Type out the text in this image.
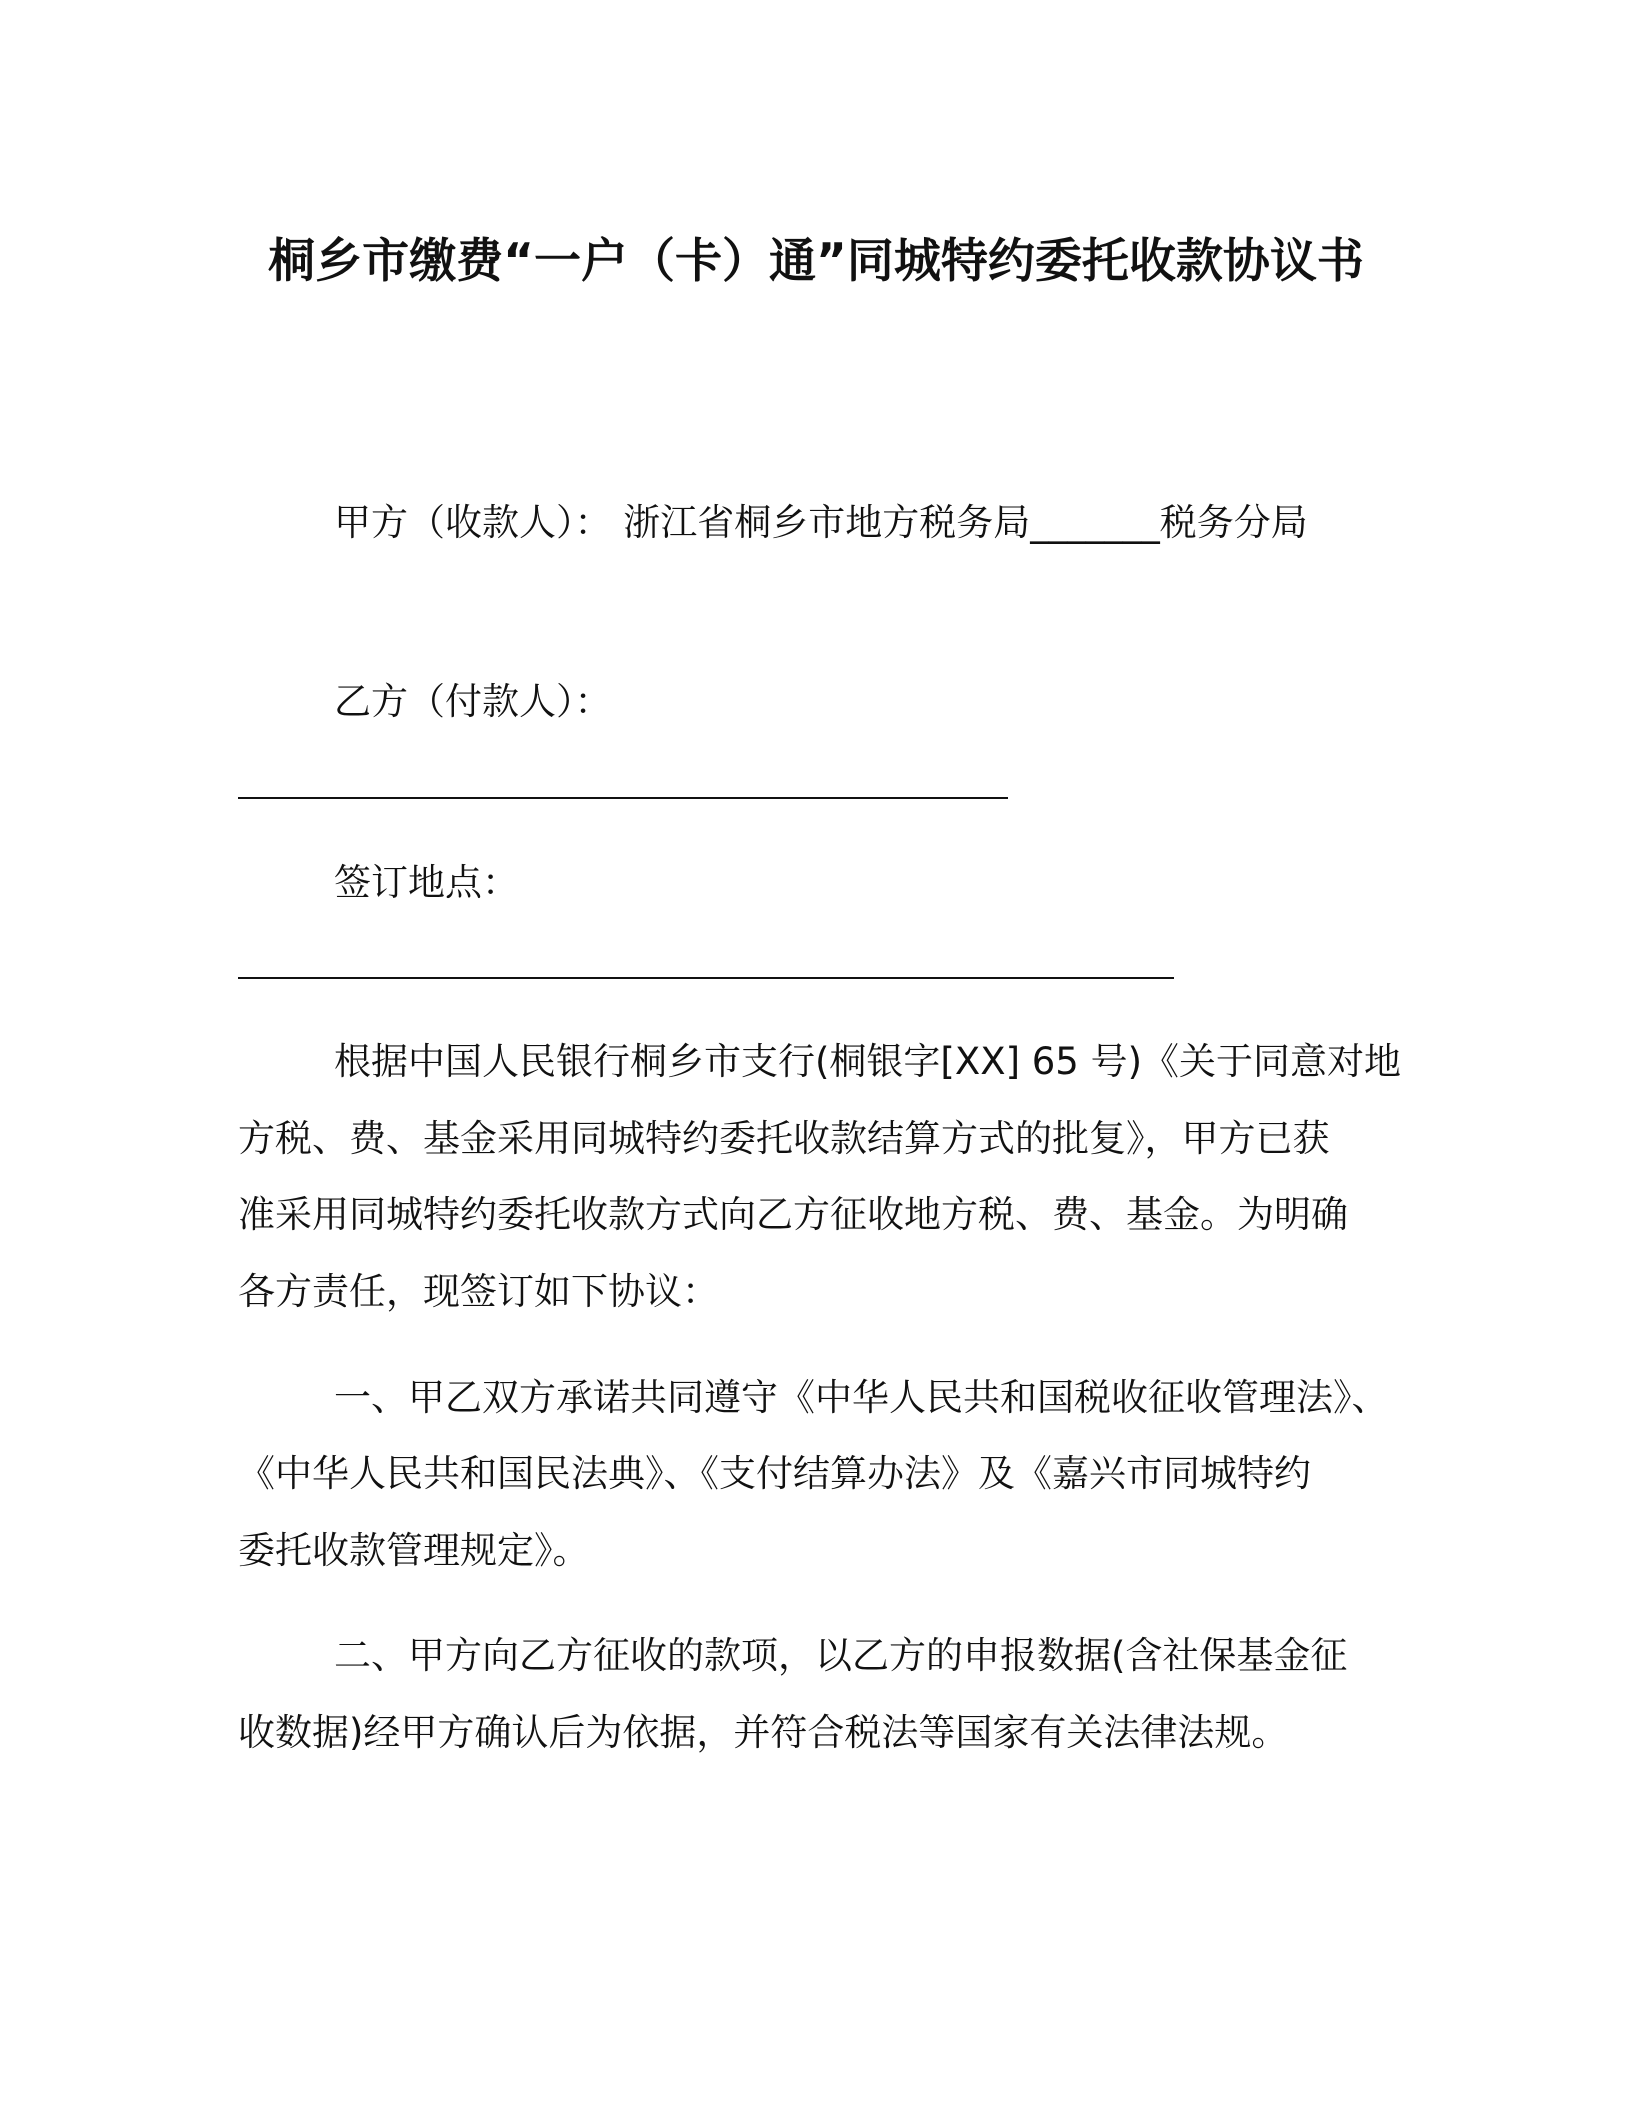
桐乡市缴费“一户（卡）通”同城特约委托收款协议书
甲方（收款人）： 浙江省桐乡市地方税务局_______税务分局
乙方（付款人）：
签订地点：
根据中国人民银行桐乡市支行(桐银字[XX] 65 号)《关于同意对地
方税、费、基金采用同城特约委托收款结算方式的批复》，甲方已获
准采用同城特约委托收款方式向乙方征收地方税、费、基金。为明确
各方责任，现签订如下协议：
一、甲乙双方承诺共同遵守《中华人民共和国税收征收管理法》、
《中华人民共和国民法典》、《支付结算办法》及《嘉兴市同城特约
委托收款管理规定》。
二、甲方向乙方征收的款项，以乙方的申报数据(含社保基金征
收数据)经甲方确认后为依据，并符合税法等国家有关法律法规。
